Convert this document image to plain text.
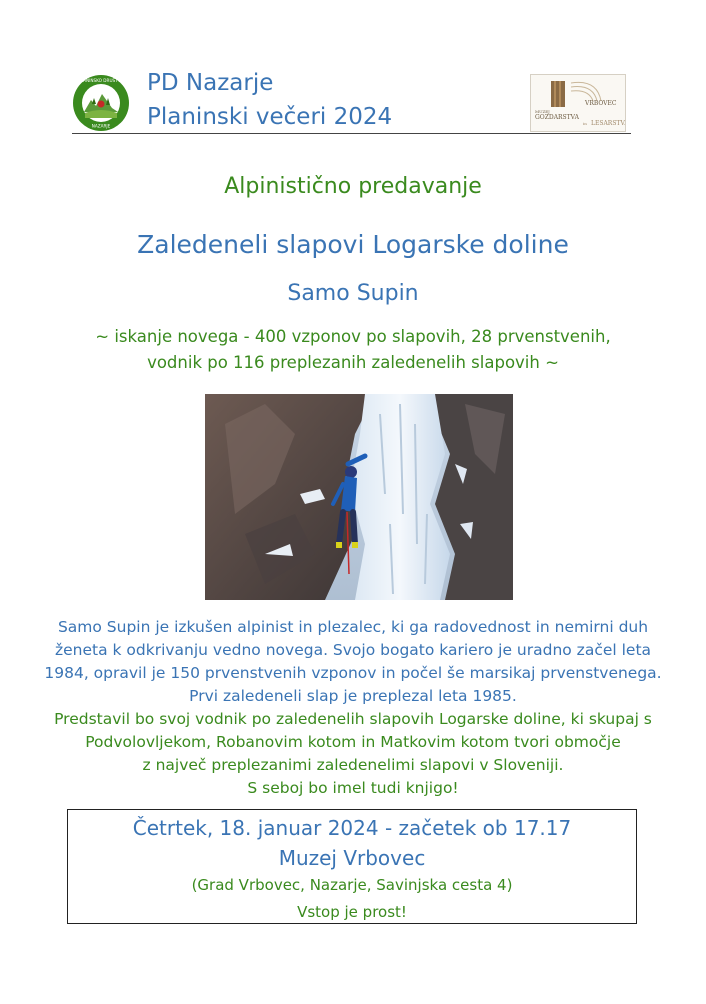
PLANINSKO DRUŠTVO
NAZARJE
PD Nazarje
Planinski večeri 2024
VRBOVEC
MUZEJ
GOZDARSTVA
LESARSTVA
in
Alpinistično predavanje
Zaledeneli slapovi Logarske doline
Samo Supin
~ iskanje novega - 400 vzponov po slapovih, 28 prvenstvenih,
vodnik po 116 preplezanih zaledenelih slapovih ~
Samo Supin je izkušen alpinist in plezalec, ki ga radovednost in nemirni duh
ženeta k odkrivanju vedno novega. Svojo bogato kariero je uradno začel leta
1984, opravil je 150 prvenstvenih vzponov in počel še marsikaj prvenstvenega.
Prvi zaledeneli slap je preplezal leta 1985.
Predstavil bo svoj vodnik po zaledenelih slapovih Logarske doline, ki skupaj s
Podvolovljekom, Robanovim kotom in Matkovim kotom tvori območje
z največ preplezanimi zaledenelimi slapovi v Sloveniji.
S seboj bo imel tudi knjigo!
Četrtek, 18. januar 2024 - začetek ob 17.17
Muzej Vrbovec
(Grad Vrbovec, Nazarje, Savinjska cesta 4)
Vstop je prost!
